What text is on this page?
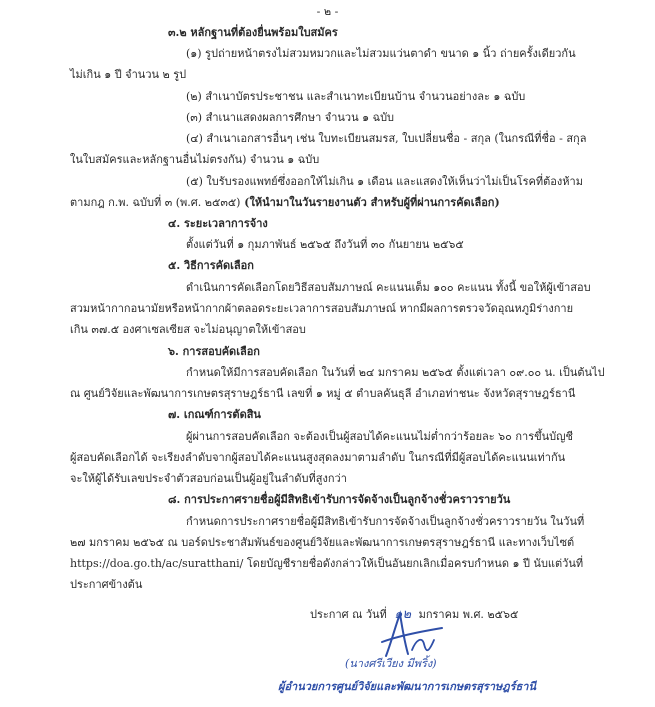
- ๒ -
๓.๒ หลักฐานที่ต้องยื่นพร้อมใบสมัคร
(๑) รูปถ่ายหน้าตรงไม่สวมหมวกและไม่สวมแว่นตาดำ ขนาด ๑ นิ้ว ถ่ายครั้งเดียวกัน
ไม่เกิน ๑ ปี จำนวน ๒ รูป
(๒) สำเนาบัตรประชาชน และสำเนาทะเบียนบ้าน จำนวนอย่างละ ๑ ฉบับ
(๓) สำเนาแสดงผลการศึกษา จำนวน ๑ ฉบับ
(๔) สำเนาเอกสารอื่นๆ เช่น ใบทะเบียนสมรส, ใบเปลี่ยนชื่อ - สกุล (ในกรณีที่ชื่อ - สกุล
ในใบสมัครและหลักฐานอื่นไม่ตรงกัน) จำนวน ๑ ฉบับ
(๕) ใบรับรองแพทย์ซึ่งออกให้ไม่เกิน ๑ เดือน และแสดงให้เห็นว่าไม่เป็นโรคที่ต้องห้าม
ตามกฎ ก.พ. ฉบับที่ ๓ (พ.ศ. ๒๕๓๕) (ให้นำมาในวันรายงานตัว สำหรับผู้ที่ผ่านการคัดเลือก)
๔. ระยะเวลาการจ้าง
ตั้งแต่วันที่ ๑ กุมภาพันธ์ ๒๕๖๕ ถึงวันที่ ๓๐ กันยายน ๒๕๖๕
๕. วิธีการคัดเลือก
ดำเนินการคัดเลือกโดยวิธีสอบสัมภาษณ์ คะแนนเต็ม ๑๐๐ คะแนน ทั้งนี้ ขอให้ผู้เข้าสอบ
สวมหน้ากากอนามัยหรือหน้ากากผ้าตลอดระยะเวลาการสอบสัมภาษณ์ หากมีผลการตรวจวัดอุณหภูมิร่างกาย
เกิน ๓๗.๕ องศาเซลเซียส จะไม่อนุญาตให้เข้าสอบ
๖. การสอบคัดเลือก
กำหนดให้มีการสอบคัดเลือก ในวันที่ ๒๔ มกราคม ๒๕๖๕ ตั้งแต่เวลา ๐๙.๐๐ น. เป็นต้นไป
ณ ศูนย์วิจัยและพัฒนาการเกษตรสุราษฎร์ธานี เลขที่ ๑ หมู่ ๕ ตำบลคันธุลี อำเภอท่าชนะ จังหวัดสุราษฎร์ธานี
๗. เกณฑ์การตัดสิน
ผู้ผ่านการสอบคัดเลือก จะต้องเป็นผู้สอบได้คะแนนไม่ต่ำกว่าร้อยละ ๖๐ การขึ้นบัญชี
ผู้สอบคัดเลือกได้ จะเรียงลำดับจากผู้สอบได้คะแนนสูงสุดลงมาตามลำดับ ในกรณีที่มีผู้สอบได้คะแนนเท่ากัน
จะให้ผู้ได้รับเลขประจำตัวสอบก่อนเป็นผู้อยู่ในลำดับที่สูงกว่า
๘. การประกาศรายชื่อผู้มีสิทธิเข้ารับการจัดจ้างเป็นลูกจ้างชั่วคราวรายวัน
กำหนดการประกาศรายชื่อผู้มีสิทธิเข้ารับการจัดจ้างเป็นลูกจ้างชั่วคราวรายวัน ในวันที่
๒๗ มกราคม ๒๕๖๕ ณ บอร์ดประชาสัมพันธ์ของศูนย์วิจัยและพัฒนาการเกษตรสุราษฎร์ธานี และทางเว็บไซต์
https://doa.go.th/ac/suratthani/ โดยบัญชีรายชื่อดังกล่าวให้เป็นอันยกเลิกเมื่อครบกำหนด ๑ ปี นับแต่วันที่
ประกาศข้างต้น
ประกาศ ณ วันที่ ๑๒ มกราคม พ.ศ. ๒๕๖๕
(นางศรีเวียง มีพริ้ง)
ผู้อำนวยการศูนย์วิจัยและพัฒนาการเกษตรสุราษฎร์ธานี
